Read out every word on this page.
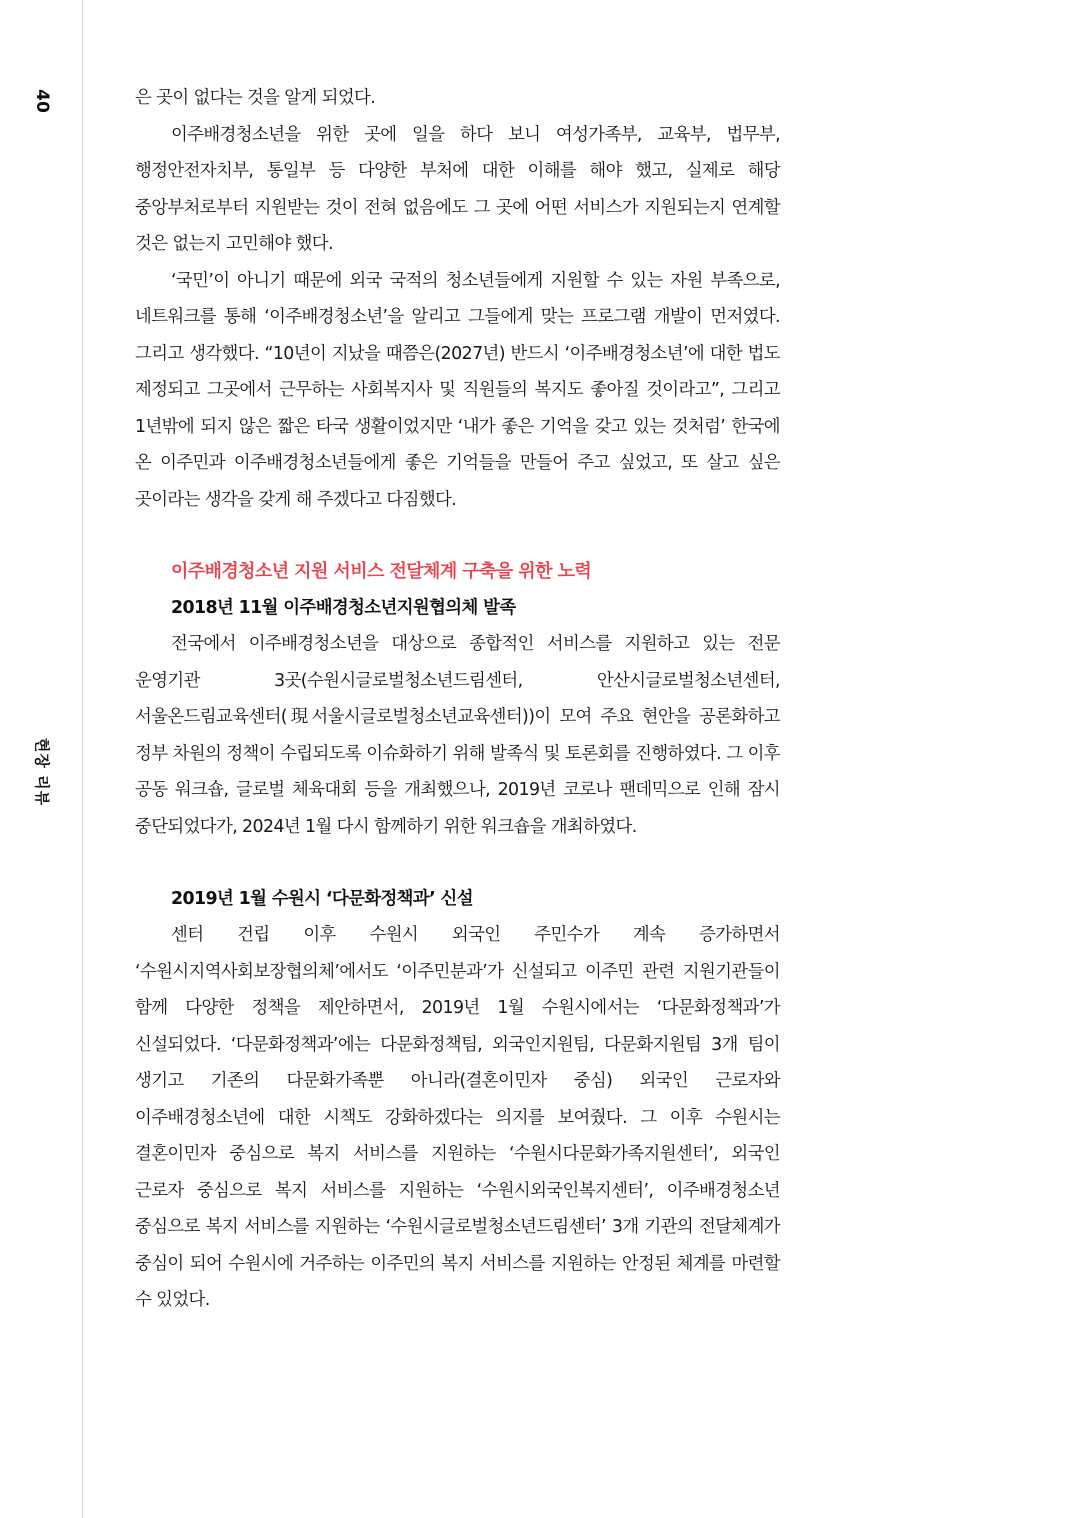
40
현장 리뷰

은 곳이 없다는 것을 알게 되었다.

이주배경청소년을 위한 곳에 일을 하다 보니 여성가족부, 교육부, 법무부, 행정안전자치부, 통일부 등 다양한 부처에 대한 이해를 해야 했고, 실제로 해당 중앙부처로부터 지원받는 것이 전혀 없음에도 그 곳에 어떤 서비스가 지원되는지 연계할 것은 없는지 고민해야 했다.

‘국민’이 아니기 때문에 외국 국적의 청소년들에게 지원할 수 있는 자원 부족으로, 네트워크를 통해 ‘이주배경청소년’을 알리고 그들에게 맞는 프로그램 개발이 먼저였다. 그리고 생각했다. “10년이 지났을 때쯤은(2027년) 반드시 ‘이주배경청소년’에 대한 법도 제정되고 그곳에서 근무하는 사회복지사 및 직원들의 복지도 좋아질 것이라고”, 그리고 1년밖에 되지 않은 짧은 타국 생활이었지만 ‘내가 좋은 기억을 갖고 있는 것처럼’ 한국에 온 이주민과 이주배경청소년들에게 좋은 기억들을 만들어 주고 싶었고, 또 살고 싶은 곳이라는 생각을 갖게 해 주겠다고 다짐했다.

이주배경청소년 지원 서비스 전달체계 구축을 위한 노력
2018년 11월 이주배경청소년지원협의체 발족

전국에서 이주배경청소년을 대상으로 종합적인 서비스를 지원하고 있는 전문 운영기관 3곳(수원시글로벌청소년드림센터, 안산시글로벌청소년센터, 서울온드림교육센터(現서울시글로벌청소년교육센터))이 모여 주요 현안을 공론화하고 정부 차원의 정책이 수립되도록 이슈화하기 위해 발족식 및 토론회를 진행하였다. 그 이후 공동 워크숍, 글로벌 체육대회 등을 개최했으나, 2019년 코로나 팬데믹으로 인해 잠시 중단되었다가, 2024년 1월 다시 함께하기 위한 워크숍을 개최하였다.

2019년 1월 수원시 ‘다문화정책과’ 신설

센터 건립 이후 수원시 외국인 주민수가 계속 증가하면서 ‘수원시지역사회보장협의체’에서도 ‘이주민분과’가 신설되고 이주민 관련 지원기관들이 함께 다양한 정책을 제안하면서, 2019년 1월 수원시에서는 ‘다문화정책과’가 신설되었다. ‘다문화정책과’에는 다문화정책팀, 외국인지원팀, 다문화지원팀 3개 팀이 생기고 기존의 다문화가족뿐 아니라(결혼이민자 중심) 외국인 근로자와 이주배경청소년에 대한 시책도 강화하겠다는 의지를 보여줬다. 그 이후 수원시는 결혼이민자 중심으로 복지 서비스를 지원하는 ‘수원시다문화가족지원센터’, 외국인 근로자 중심으로 복지 서비스를 지원하는 ‘수원시외국인복지센터’, 이주배경청소년 중심으로 복지 서비스를 지원하는 ‘수원시글로벌청소년드림센터’ 3개 기관의 전달체계가 중심이 되어 수원시에 거주하는 이주민의 복지 서비스를 지원하는 안정된 체계를 마련할 수 있었다.
